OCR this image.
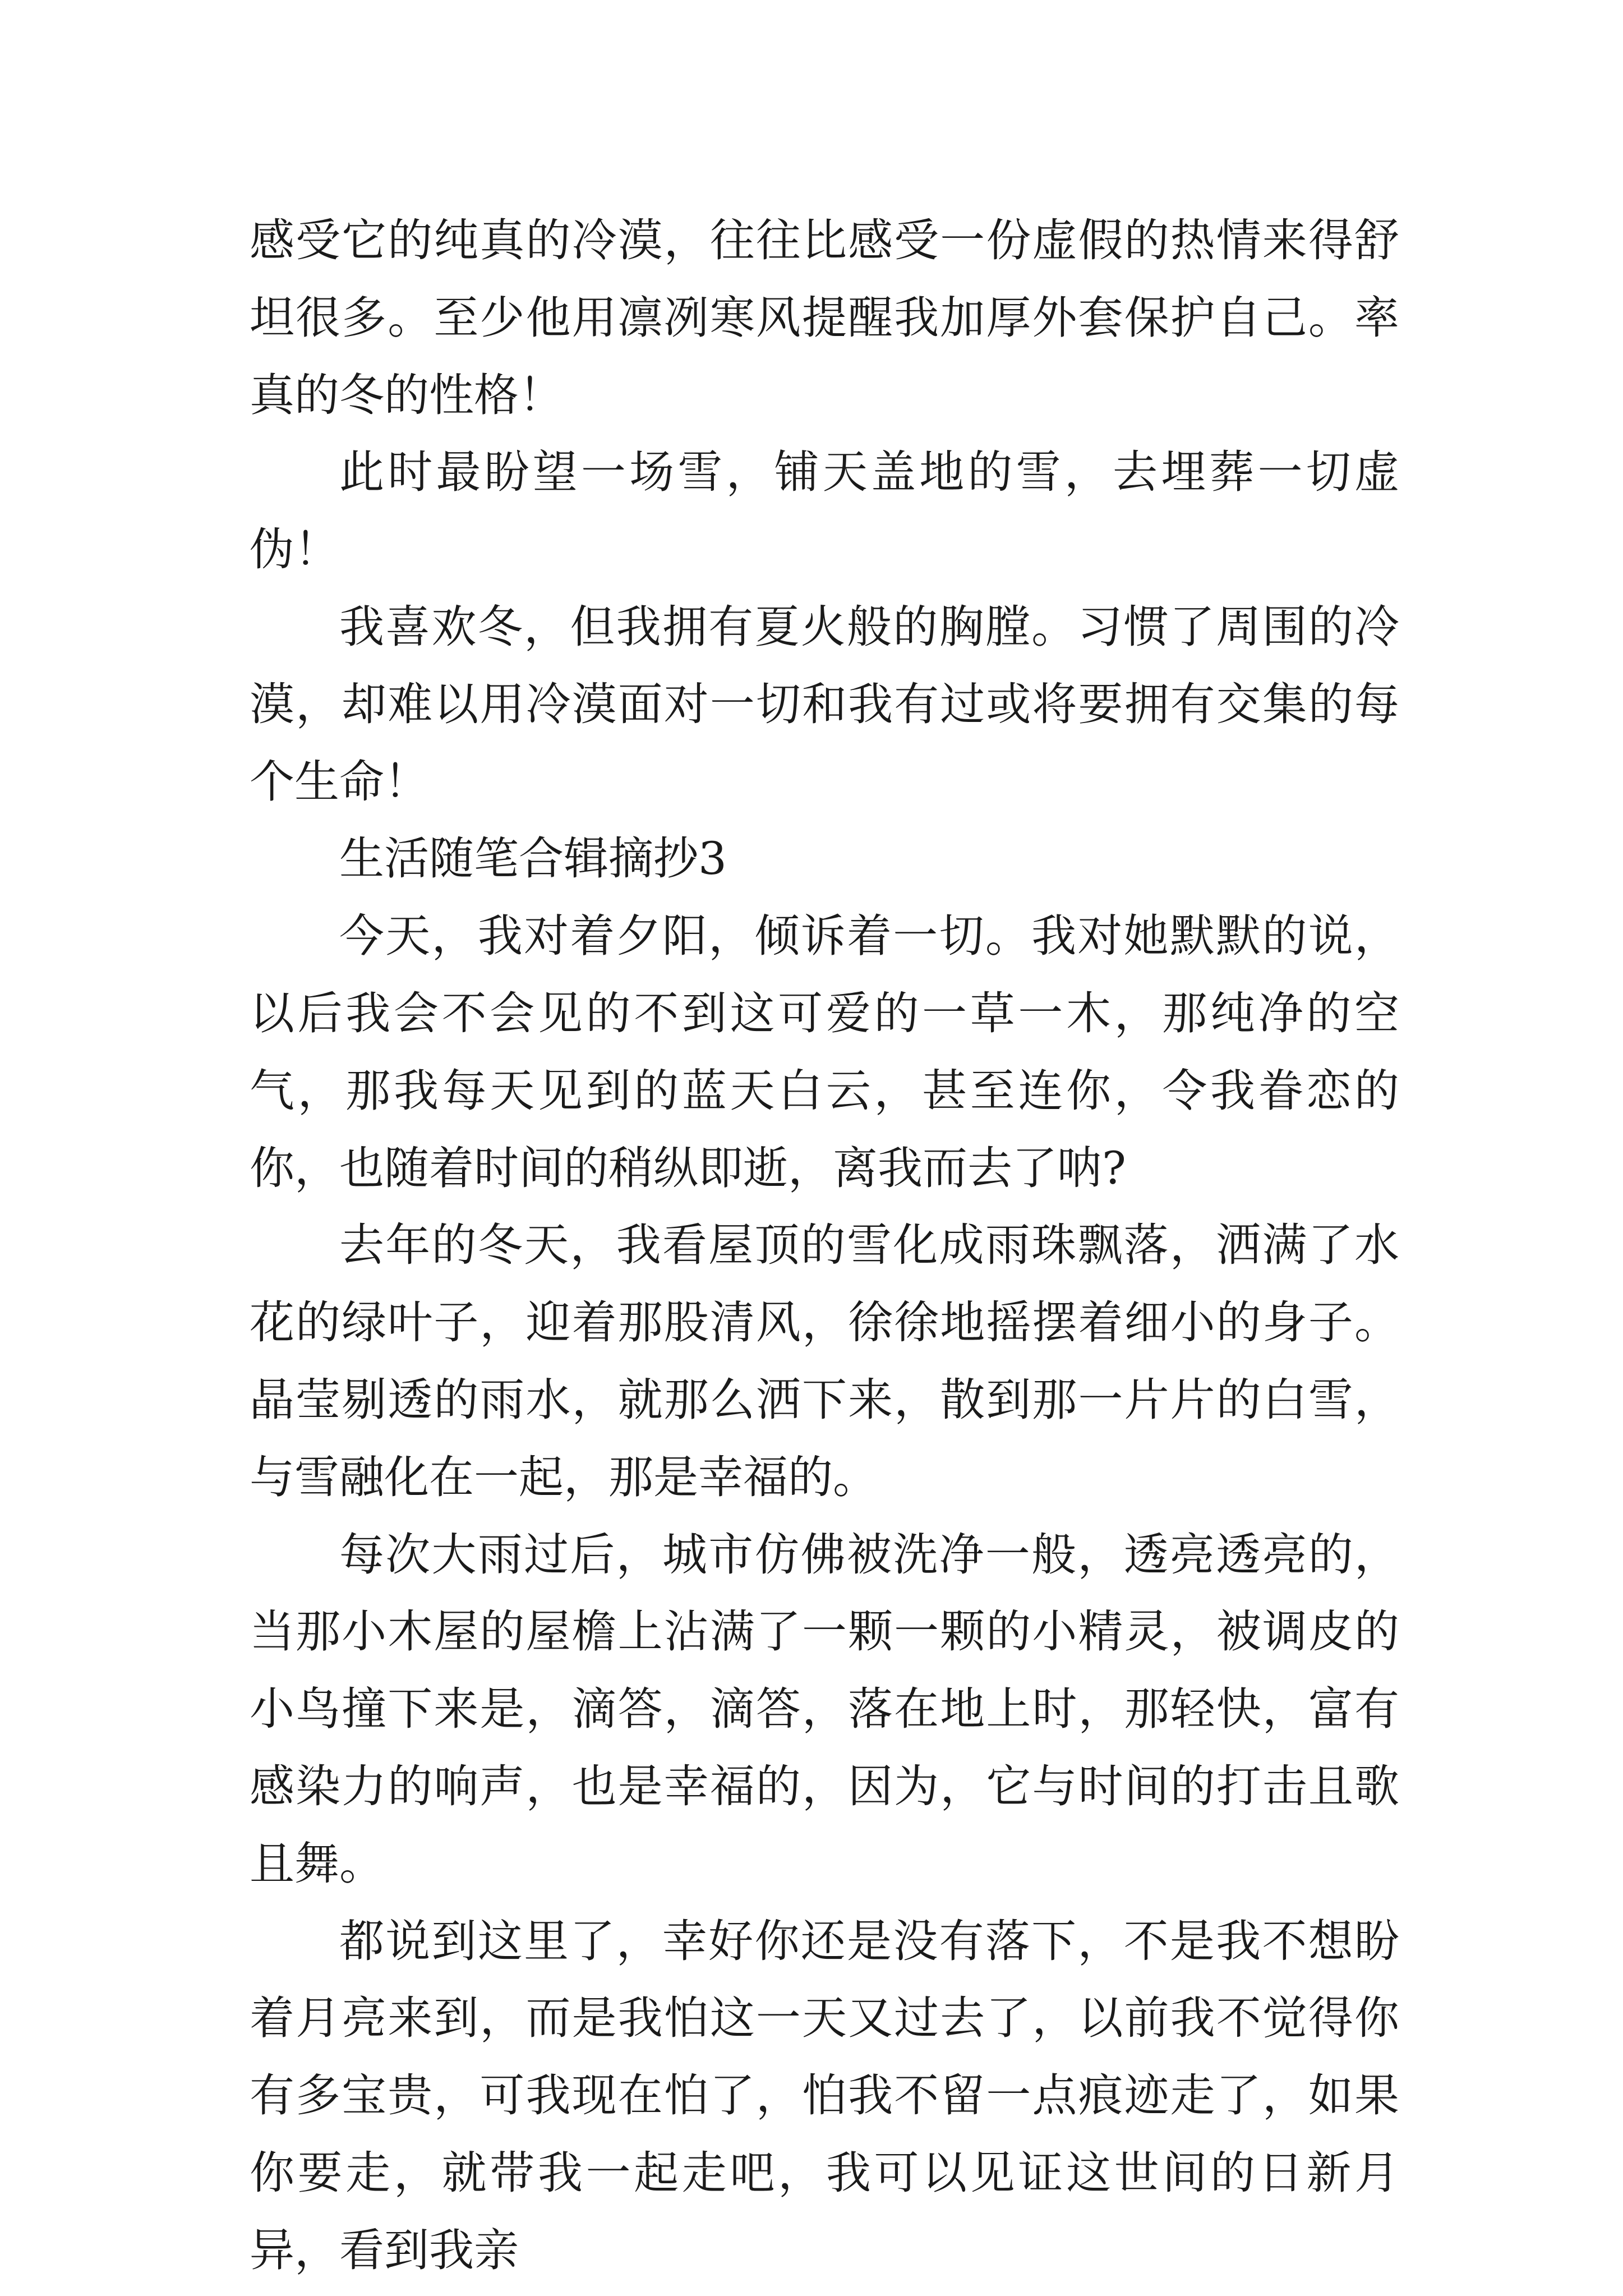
感受它的纯真的冷漠，往往比感受一份虚假的热情来得舒坦很多。至少他用凛冽寒风提醒我加厚外套保护自己。率真的冬的性格！

此时最盼望一场雪，铺天盖地的雪，去埋葬一切虚伪！

我喜欢冬，但我拥有夏火般的胸膛。习惯了周围的冷漠，却难以用冷漠面对一切和我有过或将要拥有交集的每个生命！

生活随笔合辑摘抄3

今天，我对着夕阳，倾诉着一切。我对她默默的说，以后我会不会见的不到这可爱的一草一木，那纯净的空气，那我每天见到的蓝天白云，甚至连你，令我眷恋的你，也随着时间的稍纵即逝，离我而去了呐?

去年的冬天，我看屋顶的雪化成雨珠飘落，洒满了水花的绿叶子，迎着那股清风，徐徐地摇摆着细小的身子。晶莹剔透的雨水，就那么洒下来，散到那一片片的白雪，与雪融化在一起，那是幸福的。

每次大雨过后，城市仿佛被洗净一般，透亮透亮的，当那小木屋的屋檐上沾满了一颗一颗的小精灵，被调皮的小鸟撞下来是，滴答，滴答，落在地上时，那轻快，富有感染力的响声，也是幸福的，因为，它与时间的打击且歌且舞。

都说到这里了，幸好你还是没有落下，不是我不想盼着月亮来到，而是我怕这一天又过去了，以前我不觉得你有多宝贵，可我现在怕了，怕我不留一点痕迹走了，如果你要走，就带我一起走吧，我可以见证这世间的日新月异，看到我亲
